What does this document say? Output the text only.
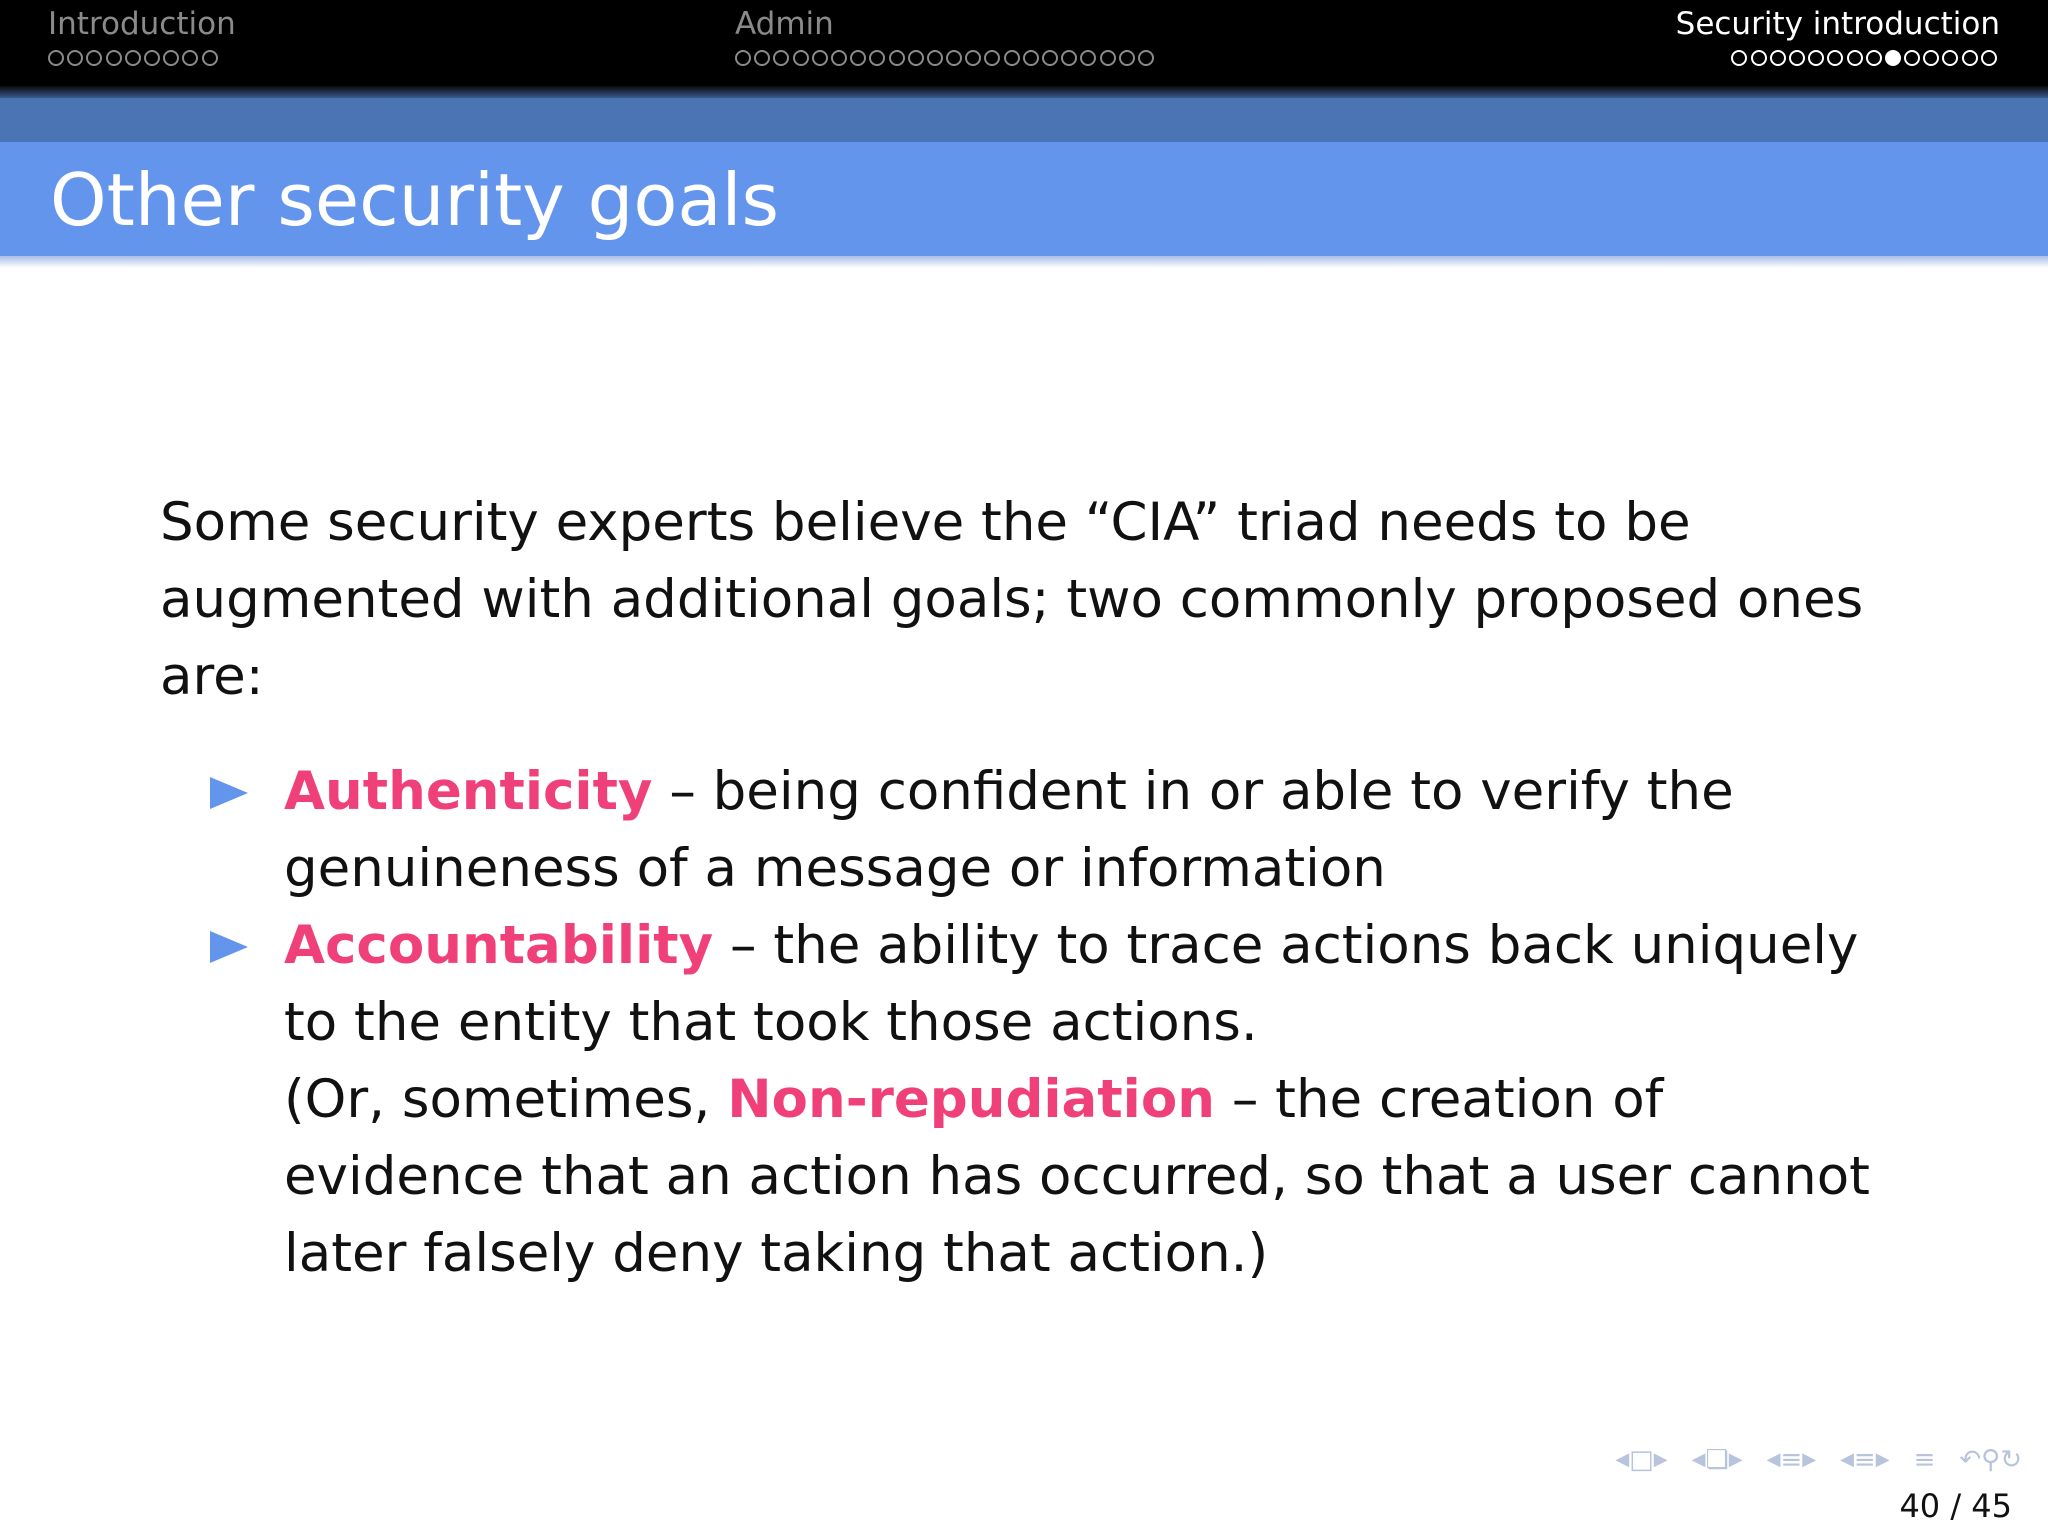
Introduction	Admin	Security introduction
Other security goals

Some security experts believe the “CIA” triad needs to be augmented with additional goals; two commonly proposed ones are:

Authenticity – being confident in or able to verify the genuineness of a message or information
Accountability – the ability to trace actions back uniquely to the entity that took those actions.
(Or, sometimes, Non-repudiation – the creation of evidence that an action has occurred, so that a user cannot later falsely deny taking that action.)
◀ □ ▶ ◀ ❏ ▶ ◀ ≡ ▶ ◀ ≡ ▶ ≡ ↶ ⚲ ↻
40 / 45
